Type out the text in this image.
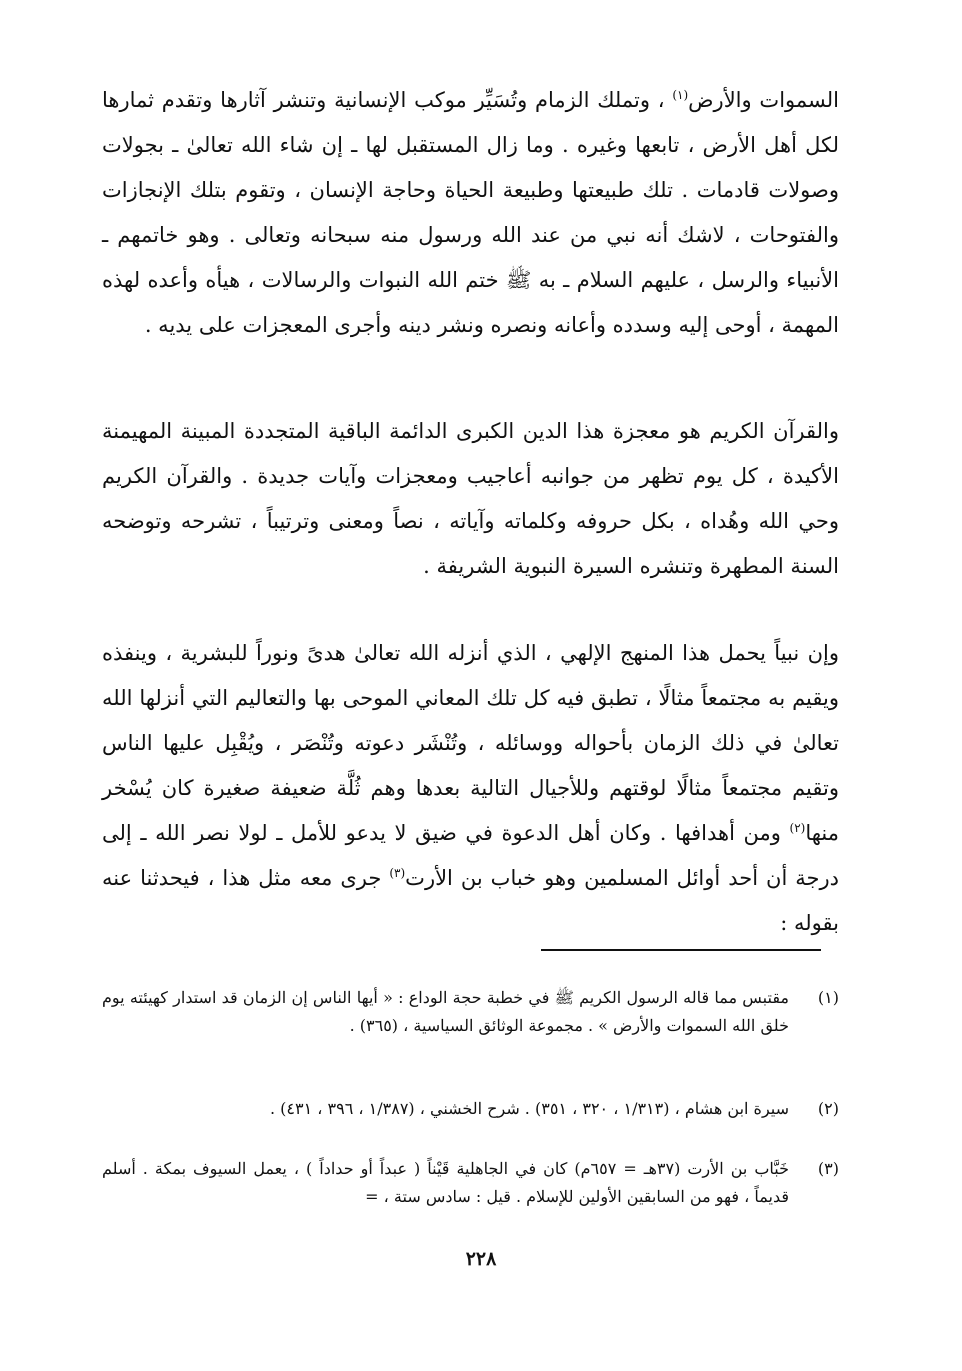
السموات والأرض$^{(١)}$ ، وتملك الزمام وتُسَيِّر موكب الإنسانية وتنشر آثارها وتقدم ثمارها لكل أهل الأرض ، تابعها وغيره . وما زال المستقبل لها ـ إن شاء الله تعالىٰ ـ بجولات وصولات قادمات . تلك طبيعتها وطبيعة الحياة وحاجة الإنسان ، وتقوم بتلك الإنجازات والفتوحات ، لاشك أنه نبي من عند الله ورسول منه سبحانه وتعالى . وهو خاتمهم ـ الأنبياء والرسل ، عليهم السلام ـ به ﷺ ختم الله النبوات والرسالات ، هيأه وأعده لهذه المهمة ، أوحى إليه وسدده وأعانه ونصره ونشر دينه وأجرى المعجزات على يديه .

والقرآن الكريم هو معجزة هذا الدين الكبرى الدائمة الباقية المتجددة المبينة المهيمنة الأكيدة ، كل يوم تظهر من جوانبه أعاجيب ومعجزات وآيات جديدة . والقرآن الكريم وحي الله وهُداه ، بكل حروفه وكلماته وآياته ، نصاً ومعنى وترتيباً ، تشرحه وتوضحه السنة المطهرة وتنشره السيرة النبوية الشريفة .

وإن نبياً يحمل هذا المنهج الإلهي ، الذي أنزله الله تعالىٰ هدىً ونوراً للبشرية ، وينفذه ويقيم به مجتمعاً مثالًا ، تطبق فيه كل تلك المعاني الموحى بها والتعاليم التي أنزلها الله تعالىٰ في ذلك الزمان بأحواله ووسائله ، وتُنْشَر دعوته وتُنْصَر ، ويُقْبِل عليها الناس وتقيم مجتمعاً مثالًا لوقتهم وللأجيال التالية بعدها وهم ثُلَّة ضعيفة صغيرة كان يُسْخر منها$^{(٢)}$ ومن أهدافها . وكان أهل الدعوة في ضيق لا يدعو للأمل ـ لولا نصر الله ـ إلى درجة أن أحد أوائل المسلمين وهو خباب بن الأرت$^{(٣)}$ جرى معه مثل هذا ، فيحدثنا عنه بقوله :

(١)
مقتبس مما قاله الرسول الكريم ﷺ في خطبة حجة الوداع : « أيها الناس إن الزمان قد استدار كهيئته يوم خلق الله السموات والأرض » . مجموعة الوثائق السياسية ، (٣٦٥) .
(٢)
سيرة ابن هشام ، (١/٣١٣ ، ٣٢٠ ، ٣٥١) . شرح الخشني ، (١/٣٨٧ ، ٣٩٦ ، ٤٣١) .
(٣)
خَبَّاب بن الأرت (٣٧هـ = ٦٥٧م) كان في الجاهلية قَيْناً ( عبداً أو حداداً ) ، يعمل السيوف بمكة . أسلم قديماً ، فهو من السابقين الأولين للإسلام . قيل : سادس ستة ، =
٢٢٨
